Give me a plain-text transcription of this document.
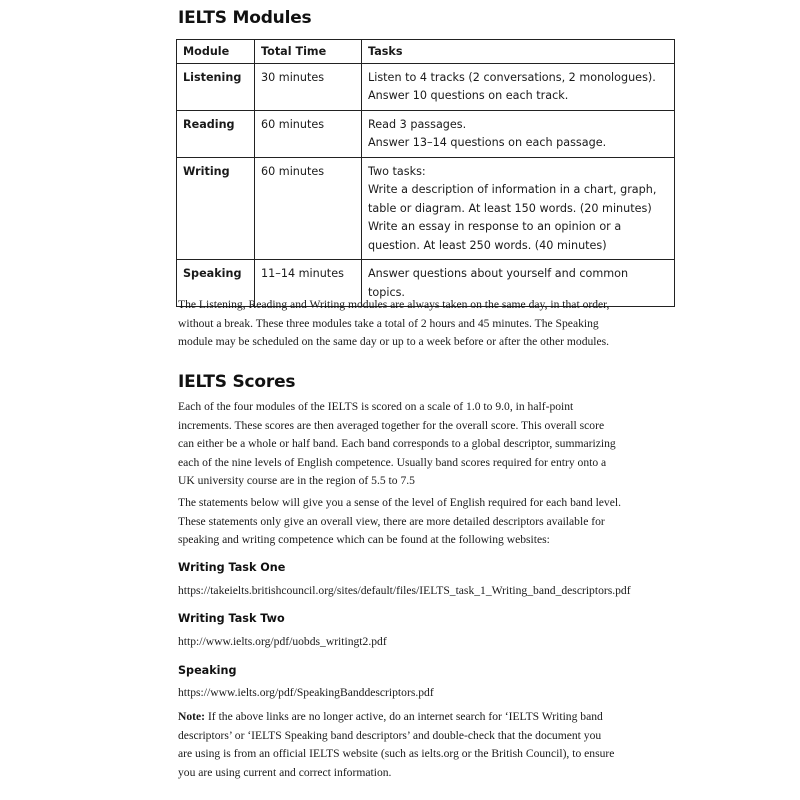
IELTS Modules
Module	Total Time	Tasks
Listening	30 minutes	Listen to 4 tracks (2 conversations, 2 monologues).
Answer 10 questions on each track.

Reading	60 minutes	Read 3 passages.
Answer 13–14 questions on each passage.

Writing	60 minutes	Two tasks:
Write a description of information in a chart, graph,
table or diagram. At least 150 words. (20 minutes)
Write an essay in response to an opinion or a
question. At least 250 words. (40 minutes)

Speaking	11–14 minutes	Answer questions about yourself and common topics.
The Listening, Reading and Writing modules are always taken on the same day, in that order,
without a break. These three modules take a total of 2 hours and 45 minutes. The Speaking
module may be scheduled on the same day or up to a week before or after the other modules.
IELTS Scores
Each of the four modules of the IELTS is scored on a scale of 1.0 to 9.0, in half-point
increments. These scores are then averaged together for the overall score. This overall score
can either be a whole or half band. Each band corresponds to a global descriptor, summarizing
each of the nine levels of English competence. Usually band scores required for entry onto a
UK university course are in the region of 5.5 to 7.5
The statements below will give you a sense of the level of English required for each band level.
These statements only give an overall view, there are more detailed descriptors available for
speaking and writing competence which can be found at the following websites:
Writing Task One
https://takeielts.britishcouncil.org/sites/default/files/IELTS_task_1_Writing_band_descriptors.pdf
Writing Task Two
http://www.ielts.org/pdf/uobds_writingt2.pdf
Speaking
https://www.ielts.org/pdf/SpeakingBanddescriptors.pdf
Note: If the above links are no longer active, do an internet search for ‘IELTS Writing band
descriptors’ or ‘IELTS Speaking band descriptors’ and double-check that the document you
are using is from an official IELTS website (such as ielts.org or the British Council), to ensure
you are using current and correct information.
